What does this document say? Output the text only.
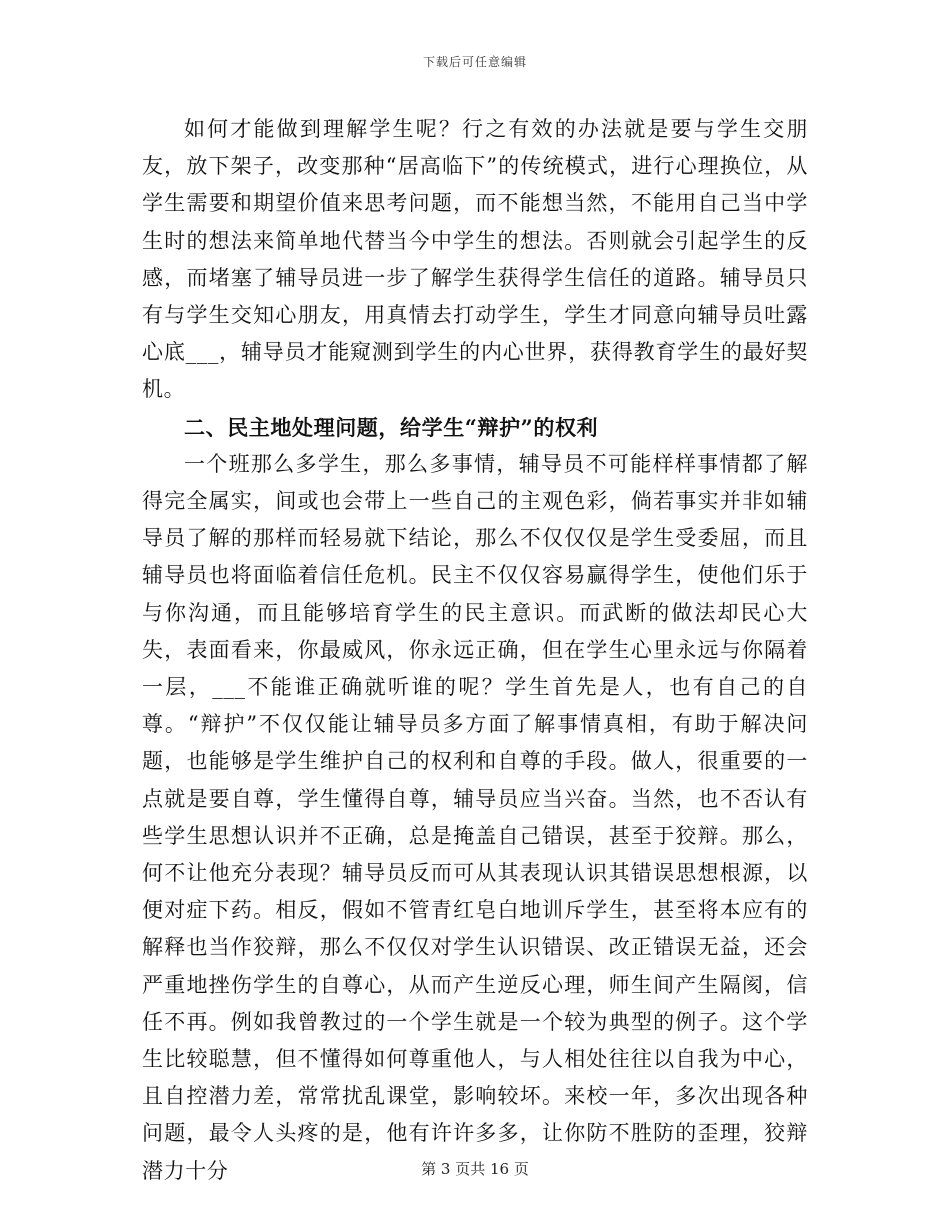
下载后可任意编辑

如何才能做到理解学生呢？行之有效的办法就是要与学生交朋友，放下架子，改变那种“居高临下”的传统模式，进行心理换位，从学生需要和期望价值来思考问题，而不能想当然，不能用自己当中学生时的想法来简单地代替当今中学生的想法。否则就会引起学生的反感，而堵塞了辅导员进一步了解学生获得学生信任的道路。辅导员只有与学生交知心朋友，用真情去打动学生，学生才同意向辅导员吐露心底___，辅导员才能窥测到学生的内心世界，获得教育学生的最好契机。

二、民主地处理问题，给学生“辩护”的权利

一个班那么多学生，那么多事情，辅导员不可能样样事情都了解得完全属实，间或也会带上一些自己的主观色彩，倘若事实并非如辅导员了解的那样而轻易就下结论，那么不仅仅仅是学生受委屈，而且辅导员也将面临着信任危机。民主不仅仅容易赢得学生，使他们乐于与你沟通，而且能够培育学生的民主意识。而武断的做法却民心大失，表面看来，你最威风，你永远正确，但在学生心里永远与你隔着一层，___不能谁正确就听谁的呢？学生首先是人，也有自己的自尊。“辩护”不仅仅能让辅导员多方面了解事情真相，有助于解决问题，也能够是学生维护自己的权利和自尊的手段。做人，很重要的一点就是要自尊，学生懂得自尊，辅导员应当兴奋。当然，也不否认有些学生思想认识并不正确，总是掩盖自己错误，甚至于狡辩。那么，何不让他充分表现？辅导员反而可从其表现认识其错误思想根源，以便对症下药。相反，假如不管青红皂白地训斥学生，甚至将本应有的解释也当作狡辩，那么不仅仅对学生认识错误、改正错误无益，还会严重地挫伤学生的自尊心，从而产生逆反心理，师生间产生隔阂，信任不再。例如我曾教过的一个学生就是一个较为典型的例子。这个学生比较聪慧，但不懂得如何尊重他人，与人相处往往以自我为中心，且自控潜力差，常常扰乱课堂，影响较坏。来校一年，多次出现各种问题，最令人头疼的是，他有许许多多，让你防不胜防的歪理，狡辩潜力十分	第 3 页共 16 页
